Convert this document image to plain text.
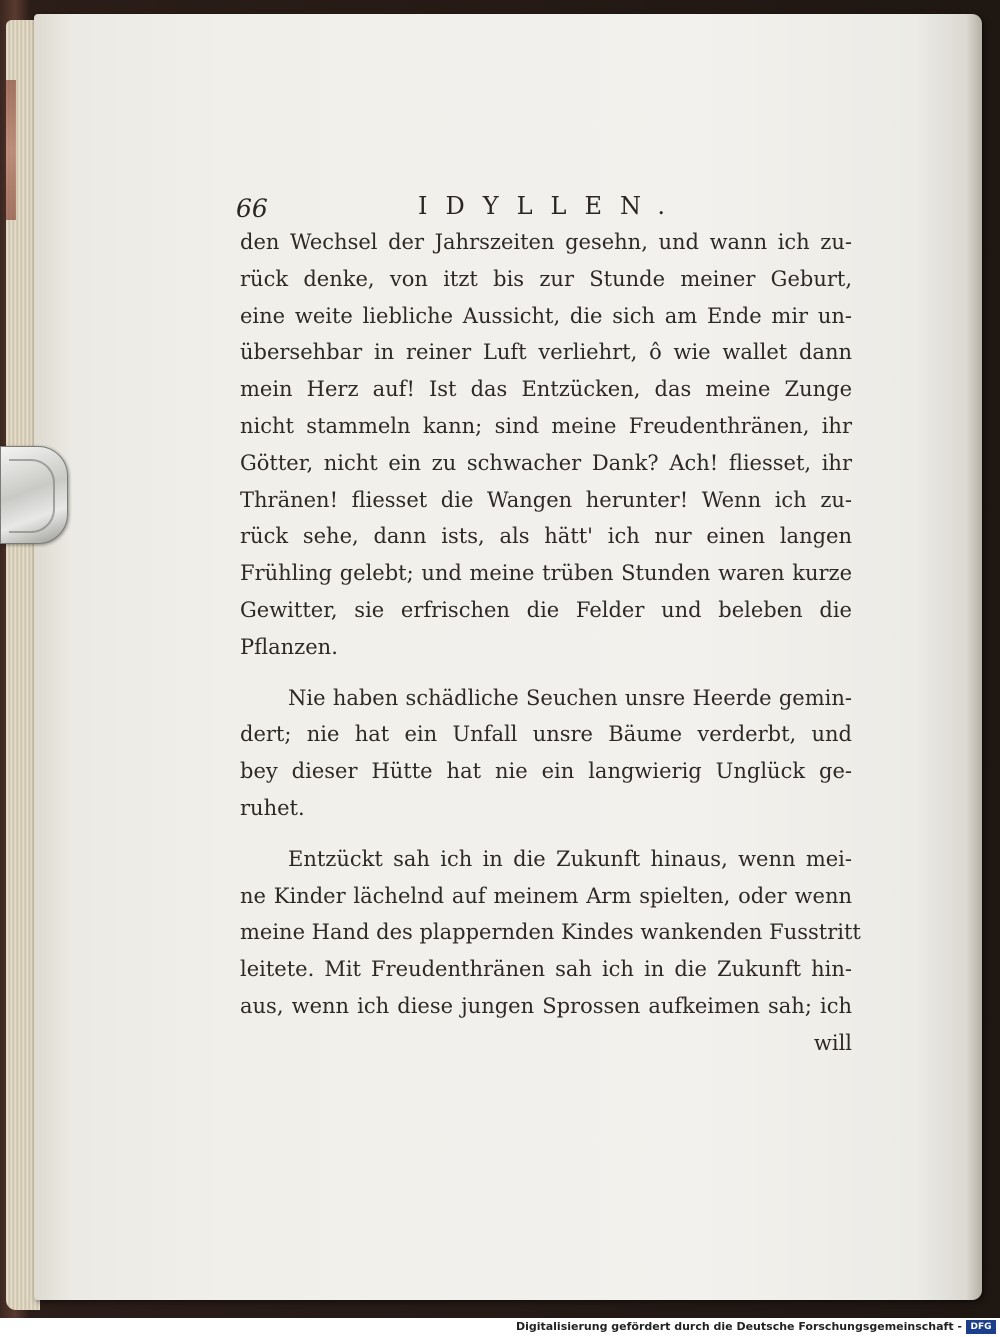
66	IDYLLEN.
den Wechsel der Jahrszeiten gesehn, und wann ich zu-
rück denke, von itzt bis zur Stunde meiner Geburt,
eine weite liebliche Aussicht, die sich am Ende mir un-
übersehbar in reiner Luft verliehrt, ô wie wallet dann
mein Herz auf! Ist das Entzücken, das meine Zunge
nicht stammeln kann; sind meine Freudenthränen, ihr
Götter, nicht ein zu schwacher Dank? Ach! fliesset, ihr
Thränen! fliesset die Wangen herunter! Wenn ich zu-
rück sehe, dann ists, als hätt' ich nur einen langen
Frühling gelebt; und meine trüben Stunden waren kurze
Gewitter, sie erfrischen die Felder und beleben die
Pflanzen.
Nie haben schädliche Seuchen unsre Heerde gemin-
dert; nie hat ein Unfall unsre Bäume verderbt, und
bey dieser Hütte hat nie ein langwierig Unglück ge-
ruhet.
Entzückt sah ich in die Zukunft hinaus, wenn mei-
ne Kinder lächelnd auf meinem Arm spielten, oder wenn
meine Hand des plappernden Kindes wankenden Fusstritt
leitete. Mit Freudenthränen sah ich in die Zukunft hin-
aus, wenn ich diese jungen Sprossen aufkeimen sah; ich
will
Digitalisierung gefördert durch die Deutsche Forschungsgemeinschaft - DFG
